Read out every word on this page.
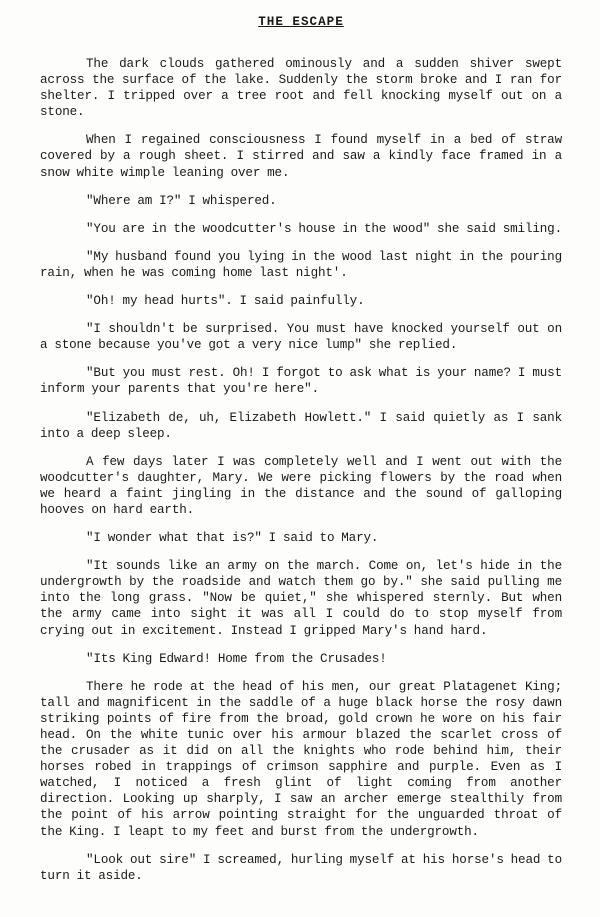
THE ESCAPE

The dark clouds gathered ominously and a sudden shiver swept across the surface of the lake. Suddenly the storm broke and I ran for shelter. I tripped over a tree root and fell knocking myself out on a stone.

When I regained consciousness I found myself in a bed of straw covered by a rough sheet. I stirred and saw a kindly face framed in a snow white wimple leaning over me.

"Where am I?" I whispered.

"You are in the woodcutter's house in the wood" she said smiling.

"My husband found you lying in the wood last night in the pouring rain, when he was coming home last night'.

"Oh! my head hurts". I said painfully.

"I shouldn't be surprised. You must have knocked yourself out on a stone because you've got a very nice lump" she replied.

"But you must rest. Oh! I forgot to ask what is your name? I must inform your parents that you're here".

"Elizabeth de, uh, Elizabeth Howlett." I said quietly as I sank into a deep sleep.

A few days later I was completely well and I went out with the woodcutter's daughter, Mary. We were picking flowers by the road when we heard a faint jingling in the distance and the sound of galloping hooves on hard earth.

"I wonder what that is?" I said to Mary.

"It sounds like an army on the march. Come on, let's hide in the undergrowth by the roadside and watch them go by." she said pulling me into the long grass. "Now be quiet," she whispered sternly. But when the army came into sight it was all I could do to stop myself from crying out in excitement. Instead I gripped Mary's hand hard.

"Its King Edward! Home from the Crusades!

There he rode at the head of his men, our great Platagenet King; tall and magnificent in the saddle of a huge black horse the rosy dawn striking points of fire from the broad, gold crown he wore on his fair head. On the white tunic over his armour blazed the scarlet cross of the crusader as it did on all the knights who rode behind him, their horses robed in trappings of crimson sapphire and purple. Even as I watched, I noticed a fresh glint of light coming from another direction. Looking up sharply, I saw an archer emerge stealthily from the point of his arrow pointing straight for the unguarded throat of the King. I leapt to my feet and burst from the undergrowth.

"Look out sire" I screamed, hurling myself at his horse's head to turn it aside.
